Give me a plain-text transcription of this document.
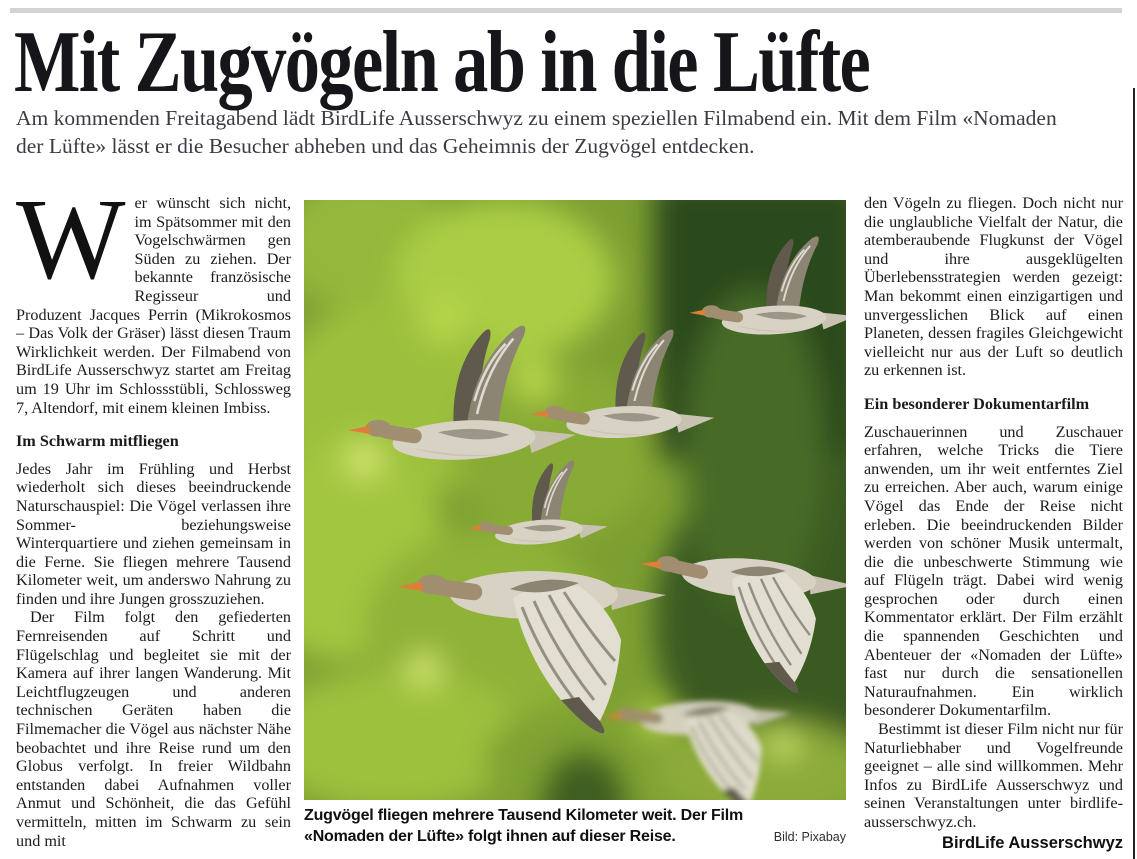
Mit Zugvögeln ab in die Lüfte

Am kommenden Freitagabend lädt BirdLife Ausserschwyz zu einem speziellen Filmabend ein. Mit dem Film «Nomaden der Lüfte» lässt er die Besucher abheben und das Geheimnis der Zugvögel entdecken.

Wer wünscht sich nicht, im Spätsommer mit den Vogelschwärmen gen Süden zu ziehen. Der bekannte französische Regisseur und Produzent Jacques Perrin (Mikrokosmos – Das Volk der Gräser) lässt diesen Traum Wirklichkeit werden. Der Filmabend von BirdLife Ausserschwyz startet am Freitag um 19 Uhr im Schlossstübli, Schlossweg 7, Altendorf, mit einem kleinen Imbiss.

Im Schwarm mitfliegen

Jedes Jahr im Frühling und Herbst wiederholt sich dieses beeindruckende Naturschauspiel: Die Vögel verlassen ihre Sommer- beziehungsweise Winterquartiere und ziehen gemeinsam in die Ferne. Sie fliegen mehrere Tausend Kilometer weit, um anderswo Nahrung zu finden und ihre Jungen grosszuziehen.

Der Film folgt den gefiederten Fernreisenden auf Schritt und Flügelschlag und begleitet sie mit der Kamera auf ihrer langen Wanderung. Mit Leichtflugzeugen und anderen technischen Geräten haben die Filmemacher die Vögel aus nächster Nähe beobachtet und ihre Reise rund um den Globus verfolgt. In freier Wildbahn entstanden dabei Aufnahmen voller Anmut und Schönheit, die das Gefühl vermitteln, mitten im Schwarm zu sein und mit

Zugvögel fliegen mehrere Tausend Kilometer weit. Der Film «Nomaden der Lüfte» folgt ihnen auf dieser Reise.	Bild: Pixabay

den Vögeln zu fliegen. Doch nicht nur die unglaubliche Vielfalt der Natur, die atemberaubende Flugkunst der Vögel und ihre ausgeklügelten Überlebensstrategien werden gezeigt: Man bekommt einen einzigartigen und unvergesslichen Blick auf einen Planeten, dessen fragiles Gleichgewicht vielleicht nur aus der Luft so deutlich zu erkennen ist.

Ein besonderer Dokumentarfilm

Zuschauerinnen und Zuschauer erfahren, welche Tricks die Tiere anwenden, um ihr weit entferntes Ziel zu erreichen. Aber auch, warum einige Vögel das Ende der Reise nicht erleben. Die beeindruckenden Bilder werden von schöner Musik untermalt, die die unbeschwerte Stimmung wie auf Flügeln trägt. Dabei wird wenig gesprochen oder durch einen Kommentator erklärt. Der Film erzählt die spannenden Geschichten und Abenteuer der «Nomaden der Lüfte» fast nur durch die sensationellen Naturaufnahmen. Ein wirklich besonderer Dokumentarfilm.

Bestimmt ist dieser Film nicht nur für Naturliebhaber und Vogelfreunde geeignet – alle sind willkommen. Mehr Infos zu BirdLife Ausserschwyz und seinen Veranstaltungen unter birdlife-ausserschwyz.ch.

BirdLife Ausserschwyz
